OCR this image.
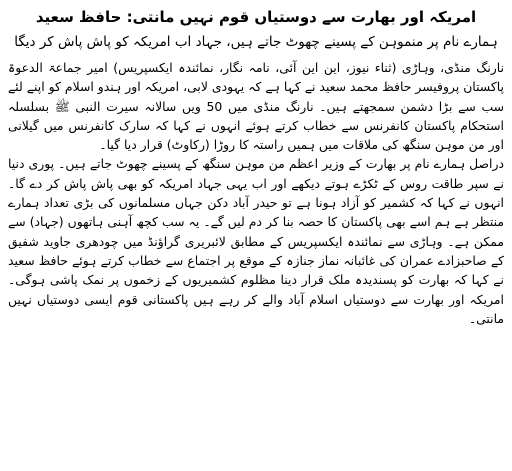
امریکہ اور بھارت سے دوستیاں قوم نہیں مانتی: حافظ سعید
ہمارے نام پر منموہن کے پسینے چھوٹ جاتے ہیں، جہاد اب امریکہ کو پاش پاش کر دیگا

نارنگ منڈی، وہاڑی (ثناء نیوز، این این آئی، نامہ نگار، نمائندہ ایکسپریس) امیر جماعۃ الدعوۃ پاکستان پروفیسر حافظ محمد سعید نے کہا ہے کہ یہودی لابی، امریکہ اور ہندو اسلام کو اپنے لئے سب سے بڑا دشمن سمجھتے ہیں۔ نارنگ منڈی میں 50 ویں سالانہ سیرت النبی ﷺ بسلسلہ استحکام پاکستان کانفرنس سے خطاب کرتے ہوئے انہوں نے کہا کہ سارک کانفرنس میں گیلانی اور من موہن سنگھ کی ملاقات میں ہمیں راستہ کا روڑا (رکاوٹ) قرار دیا گیا۔

دراصل ہمارے نام پر بھارت کے وزیر اعظم من موہن سنگھ کے پسینے چھوٹ جاتے ہیں۔ پوری دنیا نے سپر طاقت روس کے ٹکڑے ہوتے دیکھے اور اب یہی جہاد امریکہ کو بھی پاش پاش کر دے گا۔ انہوں نے کہا کہ کشمیر کو آزاد ہونا ہے تو حیدر آباد دکن جہاں مسلمانوں کی بڑی تعداد ہمارے منتظر ہے ہم اسے بھی پاکستان کا حصہ بنا کر دم لیں گے۔ یہ سب کچھ آہنی ہاتھوں (جہاد) سے ممکن ہے۔ وہاڑی سے نمائندہ ایکسپریس کے مطابق لائبریری گراؤنڈ میں چودھری جاوید شفیق کے صاحبزادے عمران کی غائبانہ نماز جنازہ کے موقع پر اجتماع سے خطاب کرتے ہوئے حافظ سعید نے کہا کہ بھارت کو پسندیدہ ملک قرار دینا مظلوم کشمیریوں کے زخموں پر نمک پاشی ہوگی۔ امریکہ اور بھارت سے دوستیاں اسلام آباد والے کر رہے ہیں پاکستانی قوم ایسی دوستیاں نہیں مانتی۔
